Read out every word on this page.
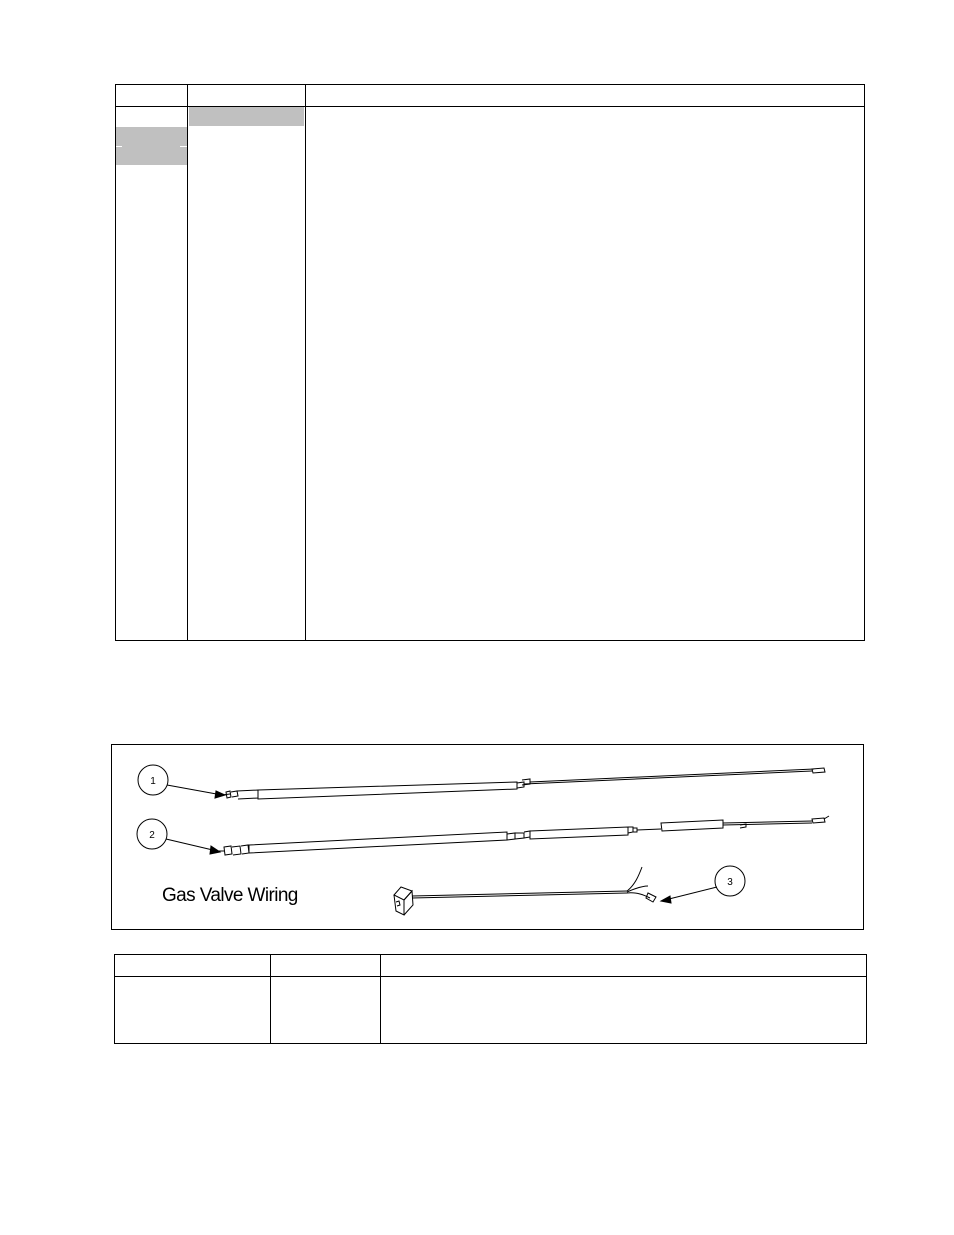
1
2
3
Gas Valve Wiring
